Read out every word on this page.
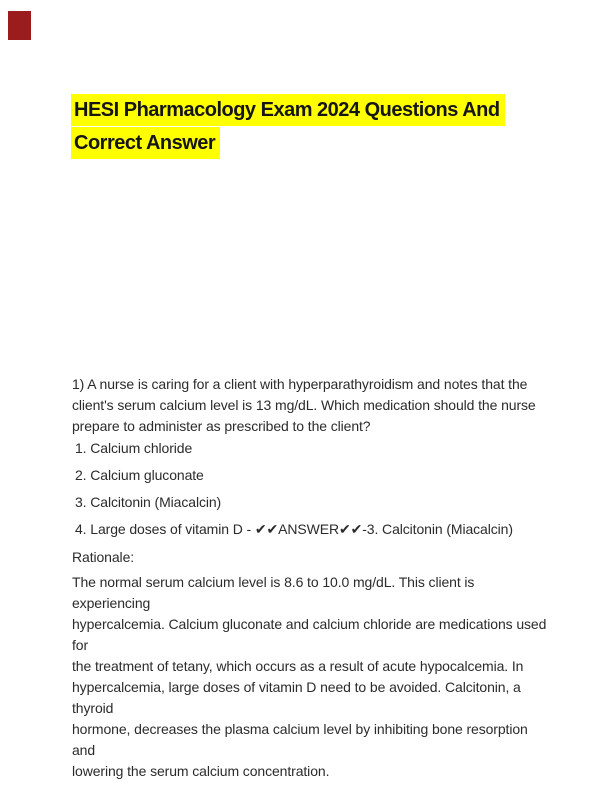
HESI Pharmacology Exam 2024 Questions And
Correct Answer
1) A nurse is caring for a client with hyperparathyroidism and notes that the
client's serum calcium level is 13 mg/dL. Which medication should the nurse
prepare to administer as prescribed to the client?
1. Calcium chloride
2. Calcium gluconate
3. Calcitonin (Miacalcin)
4. Large doses of vitamin D - ✔✔ANSWER✔✔-3. Calcitonin (Miacalcin)
Rationale:
The normal serum calcium level is 8.6 to 10.0 mg/dL. This client is experiencing
hypercalcemia. Calcium gluconate and calcium chloride are medications used for
the treatment of tetany, which occurs as a result of acute hypocalcemia. In
hypercalcemia, large doses of vitamin D need to be avoided. Calcitonin, a thyroid
hormone, decreases the plasma calcium level by inhibiting bone resorption and
lowering the serum calcium concentration.
